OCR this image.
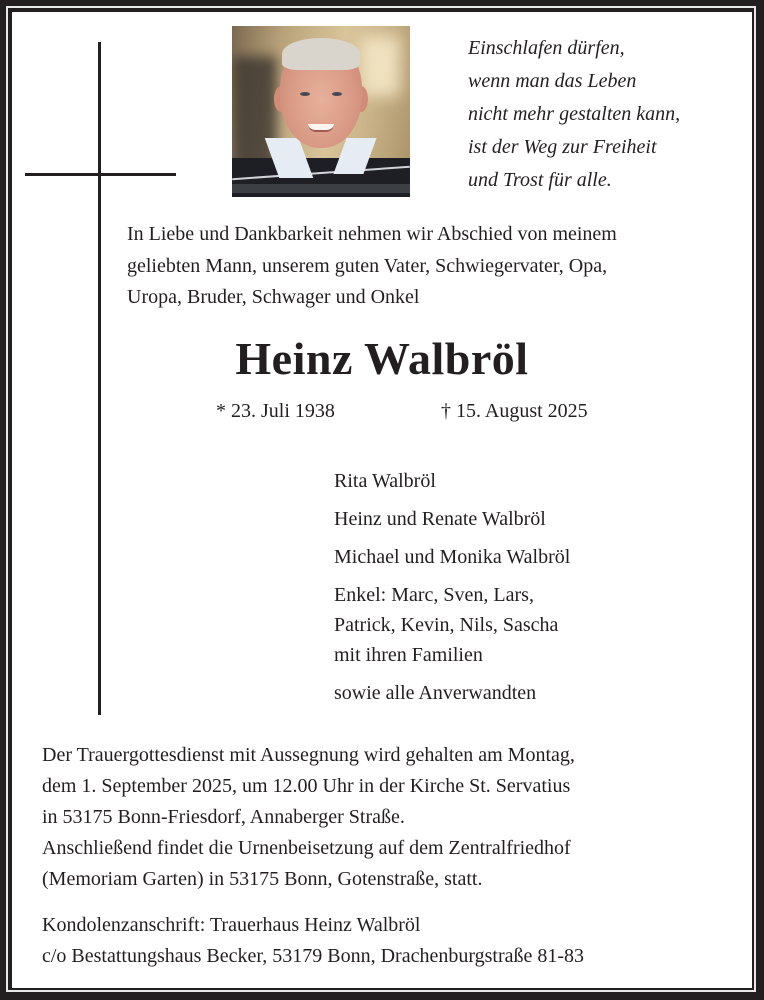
Einschlafen dürfen,
wenn man das Leben
nicht mehr gestalten kann,
ist der Weg zur Freiheit
und Trost für alle.
In Liebe und Dankbarkeit nehmen wir Abschied von meinem
geliebten Mann, unserem guten Vater, Schwiegervater, Opa,
Uropa, Bruder, Schwager und Onkel
Heinz Walbröl
* 23. Juli 1938	† 15. August 2025
Rita Walbröl
Heinz und Renate Walbröl
Michael und Monika Walbröl
Enkel: Marc, Sven, Lars,
Patrick, Kevin, Nils, Sascha
mit ihren Familien
sowie alle Anverwandten
Der Trauergottesdienst mit Aussegnung wird gehalten am Montag,
dem 1. September 2025, um 12.00 Uhr in der Kirche St. Servatius
in 53175 Bonn-Friesdorf, Annaberger Straße.
Anschließend findet die Urnenbeisetzung auf dem Zentralfriedhof
(Memoriam Garten) in 53175 Bonn, Gotenstraße, statt.
Kondolenzanschrift: Trauerhaus Heinz Walbröl
c/o Bestattungshaus Becker, 53179 Bonn, Drachenburgstraße 81-83
